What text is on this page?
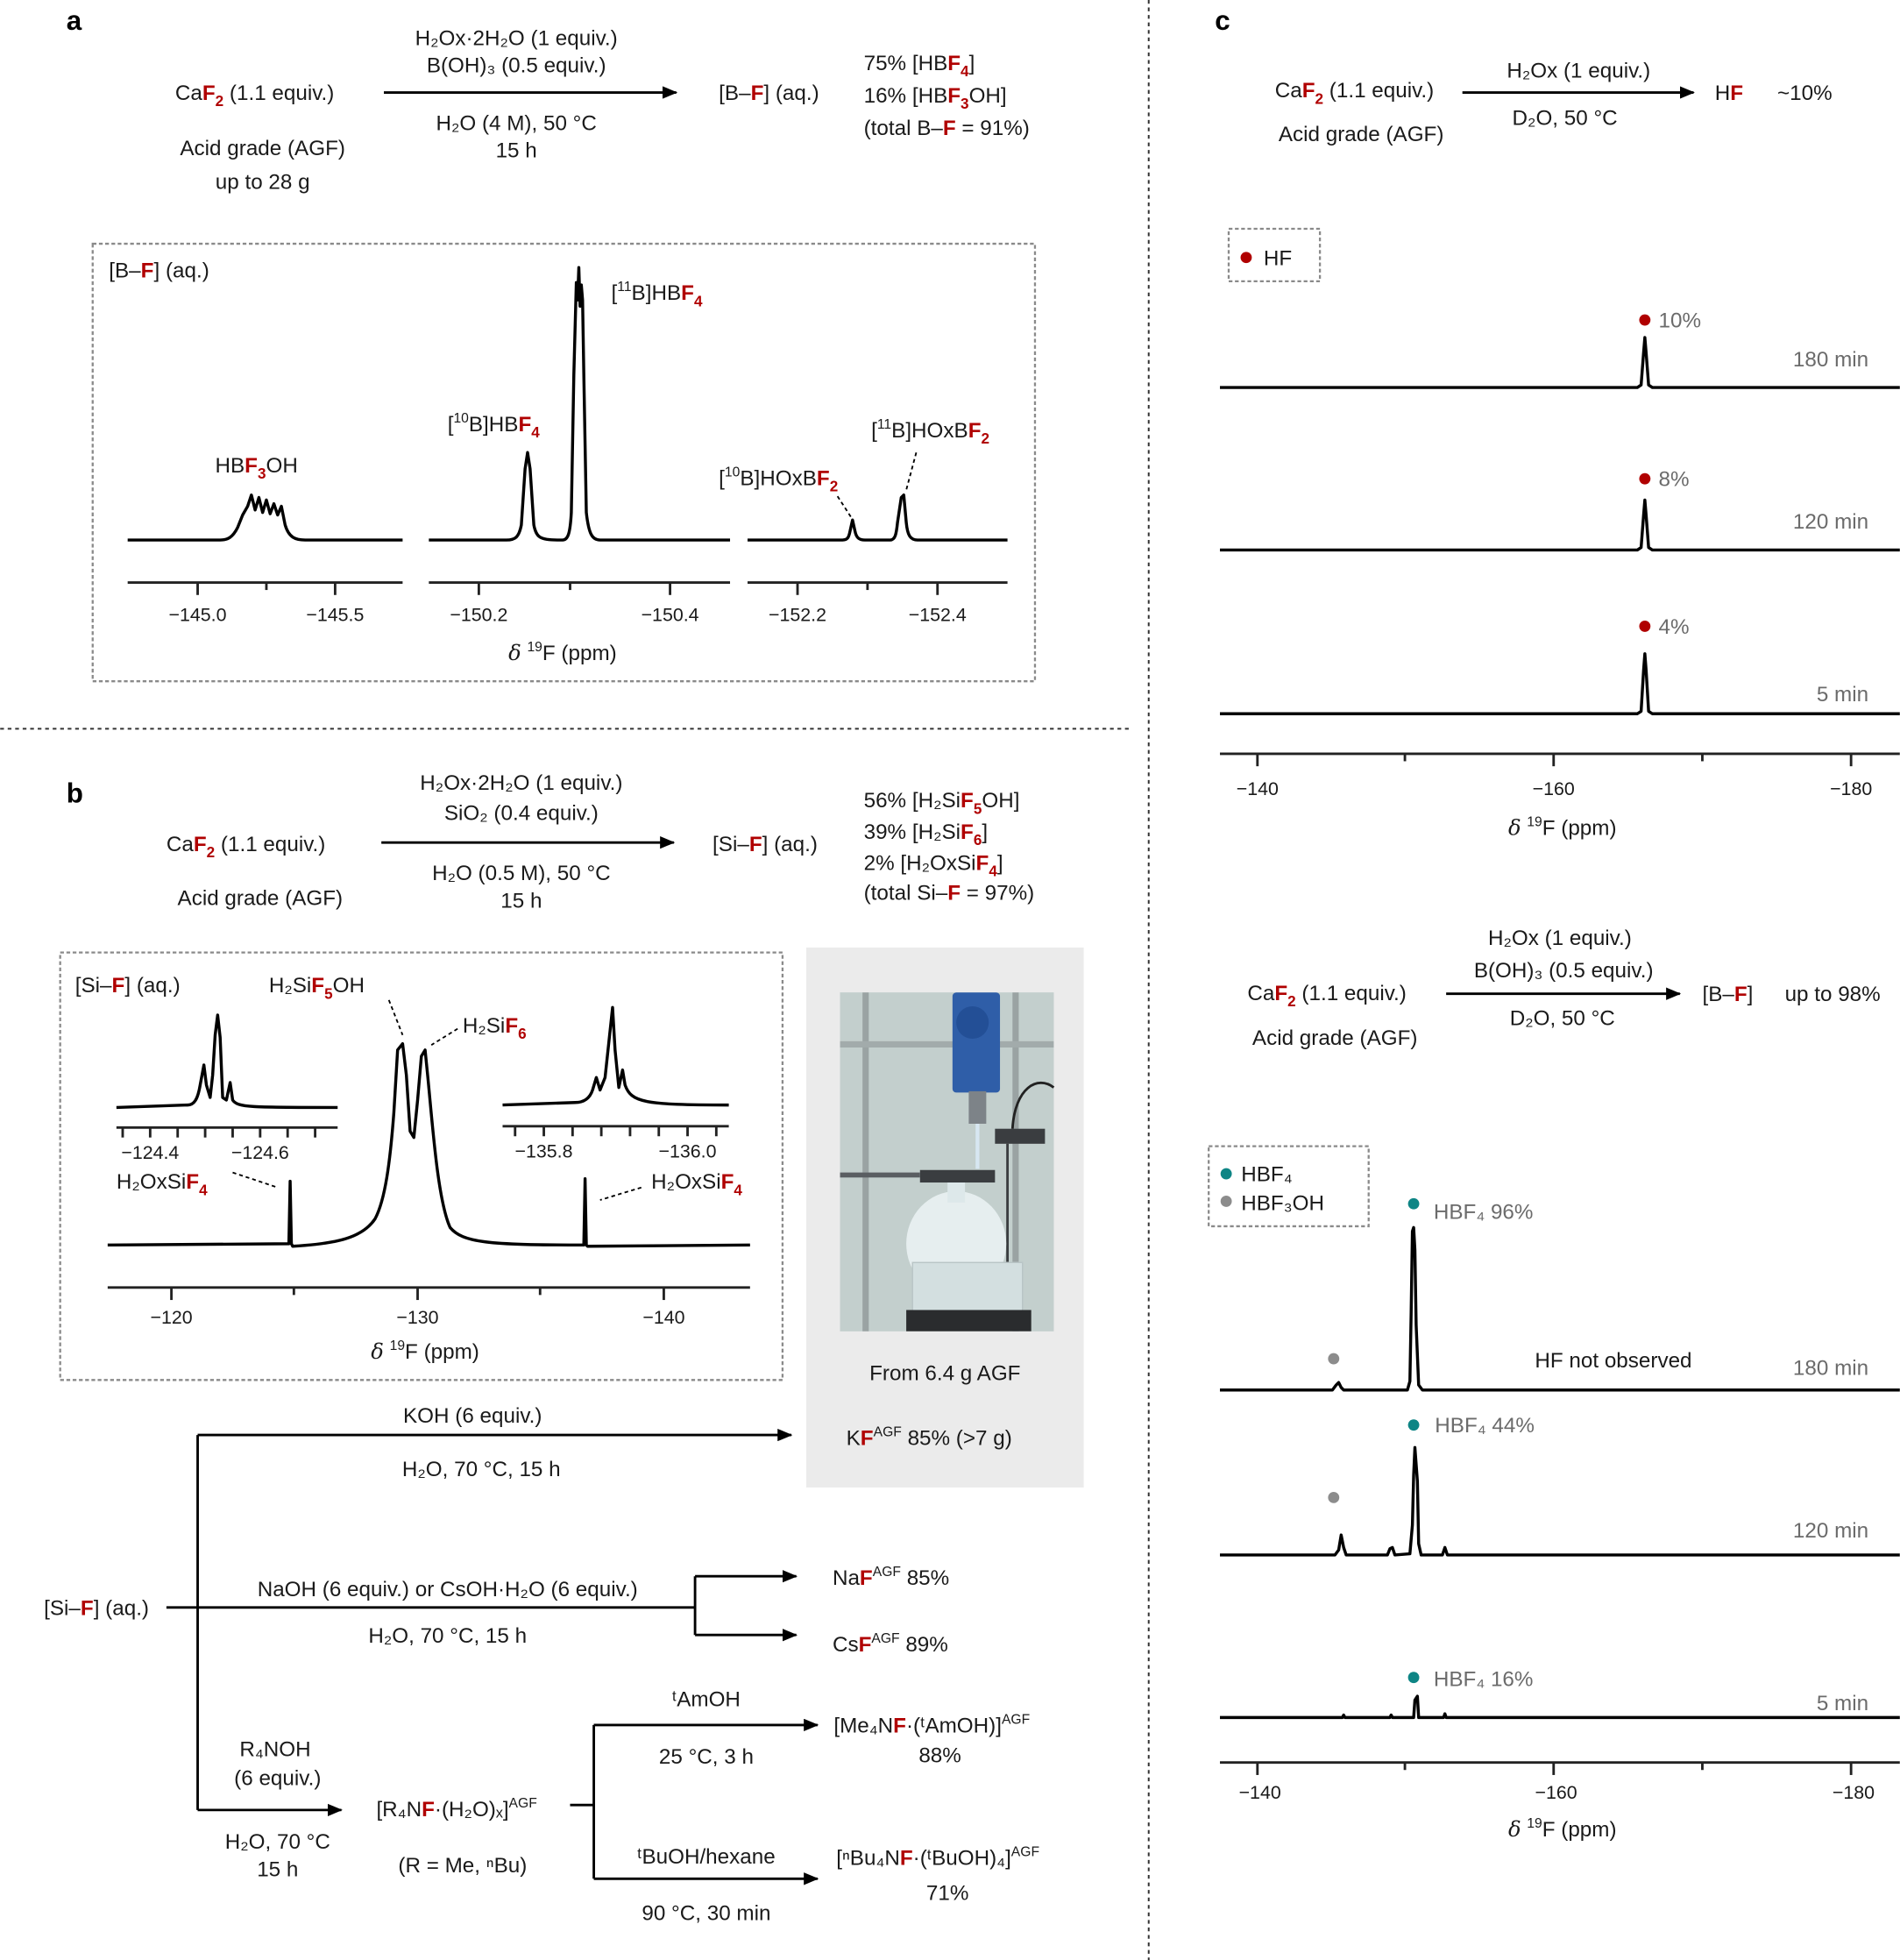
a
CaF$_2$ (1.1 equiv.)
Acid grade (AGF)
up to 28 g
H₂Ox·2H₂O (1 equiv.)
B(OH)₃ (0.5 equiv.)
H₂O (4 M), 50 °C
15 h
[B–F] (aq.)
75% $[HBF_4]$
16% $[HBF_3OH]$
(total B–F = 91%)
[B–F] (aq.)
$HBF_3OH$
$[^{10}B]HBF_4$
$[^{11}B]HBF_4$
[$^{10}$B]HOxBF$_2$
[$^{11}$B]HOxBF$_2$
−145.0	−145.5	−150.2	−150.4	−152.2	−152.4
δ $^{19}$F (ppm)
b
CaF$_2$ (1.1 equiv.)
Acid grade (AGF)
H₂Ox·2H₂O (1 equiv.)
SiO₂ (0.4 equiv.)
H₂O (0.5 M), 50 °C
15 h
[Si–F] (aq.)
56% [H₂SiF$_5$OH]
39% [H₂SiF$_6$]
2% [H₂OxSiF$_4$]
(total Si–F = 97%)
[Si–F] (aq.)
−124.4	−124.6	−135.8	−136.0
H₂SiF$_5$OH
H₂SiF$_6$
H₂OxSiF$_4$	H₂OxSiF$_4$
−120	−130	−140
δ $^{19}$F (ppm)
From 6.4 g AGF
$KF^{AGF}$ 85% (>7 g)
[Si–F] (aq.)
KOH (6 equiv.)
H₂O, 70 °C, 15 h
NaOH (6 equiv.) or CsOH·H₂O (6 equiv.)
H₂O, 70 °C, 15 h
NaF$^{AGF}$ 85%
CsF$^{AGF}$ 89%
R₄NOH
(6 equiv.)
H₂O, 70 °C
15 h
$[R_4NF\cdot(H_2O)_x]^{AGF}$
(R = Me, ⁿBu)
ᵗAmOH
25 °C, 3 h
ᵗBuOH/hexane
90 °C, 30 min
[Me₄NF·(ᵗAmOH)]$^{AGF}$
88%
[ⁿBu₄NF·(ᵗBuOH)₄]$^{AGF}$
71%
c
CaF$_2$ (1.1 equiv.)
Acid grade (AGF)
H₂Ox (1 equiv.)
D₂O, 50 °C
HF ~10%
HF
10%
180 min
8%
120 min
4%
5 min
−140	−160	−180
δ $^{19}$F (ppm)
CaF$_2$ (1.1 equiv.)
Acid grade (AGF)
H₂Ox (1 equiv.)
B(OH)₃ (0.5 equiv.)
D₂O, 50 °C
[B–F] up to 98%
HBF₄
HBF₃OH	HBF₄ 96%
HF not observed	180 min
HBF₄ 44%
120 min
HBF₄ 16%
5 min
−140	−160	−180
δ $^{19}$F (ppm)
